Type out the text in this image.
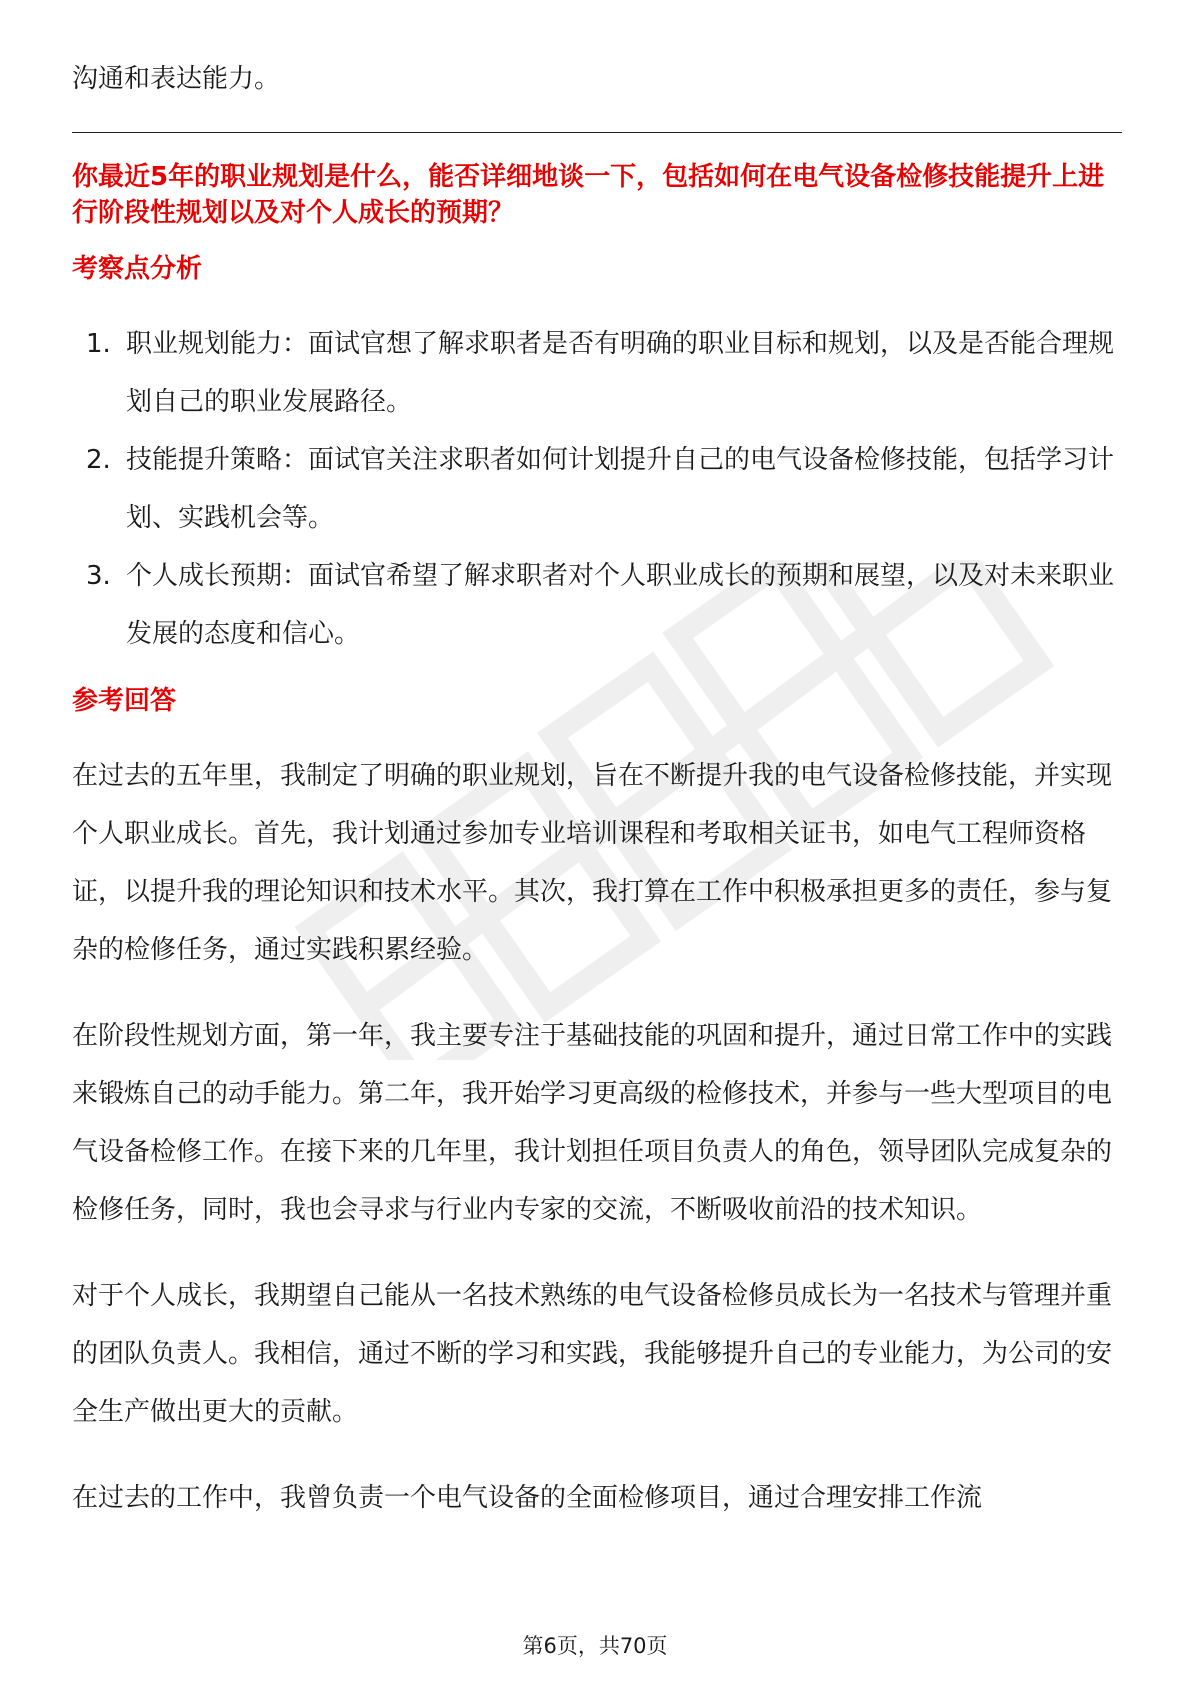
沟通和表达能力。

你最近5年的职业规划是什么，能否详细地谈一下，包括如何在电气设备检修技能提升上进行阶段性规划以及对个人成长的预期？

考察点分析
1. 职业规划能力：面试官想了解求职者是否有明确的职业目标和规划，以及是否能合理规划自己的职业发展路径。
2. 技能提升策略：面试官关注求职者如何计划提升自己的电气设备检修技能，包括学习计划、实践机会等。
3. 个人成长预期：面试官希望了解求职者对个人职业成长的预期和展望，以及对未来职业发展的态度和信心。
参考回答

在过去的五年里，我制定了明确的职业规划，旨在不断提升我的电气设备检修技能，并实现个人职业成长。首先，我计划通过参加专业培训课程和考取相关证书，如电气工程师资格证，以提升我的理论知识和技术水平。其次，我打算在工作中积极承担更多的责任，参与复杂的检修任务，通过实践积累经验。

在阶段性规划方面，第一年，我主要专注于基础技能的巩固和提升，通过日常工作中的实践来锻炼自己的动手能力。第二年，我开始学习更高级的检修技术，并参与一些大型项目的电气设备检修工作。在接下来的几年里，我计划担任项目负责人的角色，领导团队完成复杂的检修任务，同时，我也会寻求与行业内专家的交流，不断吸收前沿的技术知识。

对于个人成长，我期望自己能从一名技术熟练的电气设备检修员成长为一名技术与管理并重的团队负责人。我相信，通过不断的学习和实践，我能够提升自己的专业能力，为公司的安全生产做出更大的贡献。

在过去的工作中，我曾负责一个电气设备的全面检修项目，通过合理安排工作流

第6页，共70页
